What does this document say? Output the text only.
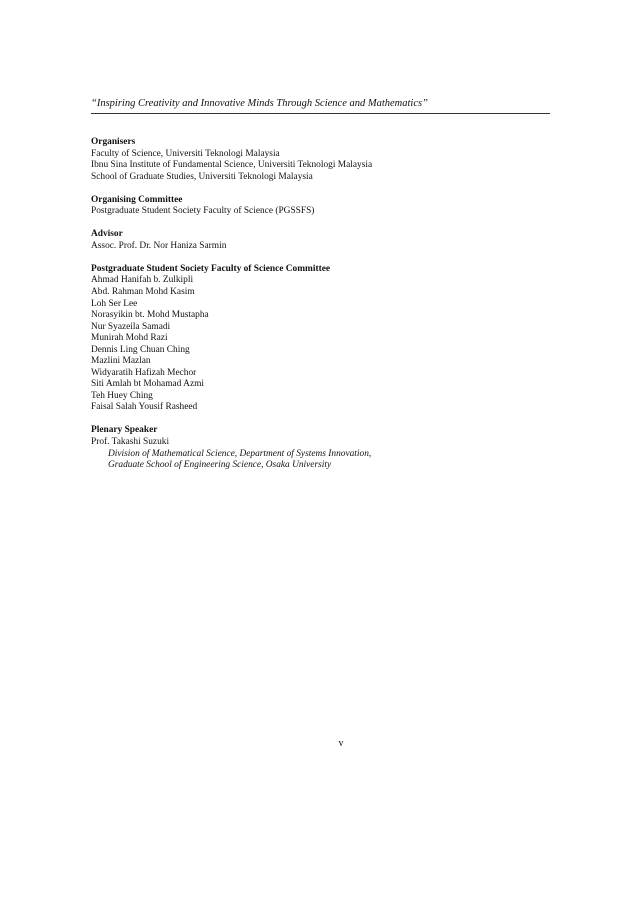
“Inspiring Creativity and Innovative Minds Through Science and Mathematics”
Organisers
Faculty of Science, Universiti Teknologi Malaysia
Ibnu Sina Institute of Fundamental Science, Universiti Teknologi Malaysia
School of Graduate Studies, Universiti Teknologi Malaysia
Organising Committee
Postgraduate Student Society Faculty of Science (PGSSFS)
Advisor
Assoc. Prof. Dr. Nor Haniza Sarmin
Postgraduate Student Society Faculty of Science Committee
Ahmad Hanifah b. Zulkipli
Abd. Rahman Mohd Kasim
Loh Ser Lee
Norasyikin bt. Mohd Mustapha
Nur Syazeila Samadi
Munirah Mohd Razi
Dennis Ling Chuan Ching
Mazlini Mazlan
Widyaratih Hafizah Mechor
Siti Amlah bt Mohamad Azmi
Teh Huey Ching
Faisal Salah Yousif Rasheed
Plenary Speaker
Prof. Takashi Suzuki
Division of Mathematical Science, Department of Systems Innovation,
Graduate School of Engineering Science, Osaka University
v
